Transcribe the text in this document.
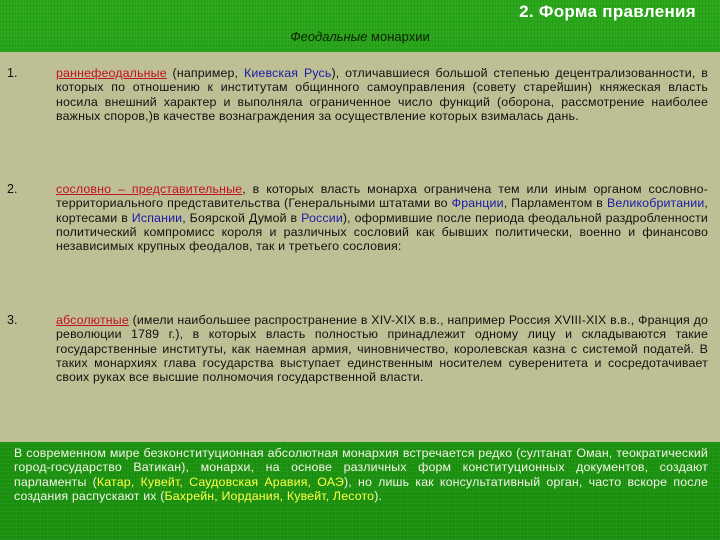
2. Форма правления
Феодальные монархии
1.	раннефеодальные (например, Киевская Русь), отличавшиеся большой степенью децентрализованности, в которых по отношению к институтам общинного самоуправления (совету старейшин) княжеская власть носила внешний характер и выполняла ограниченное число функций (оборона, рассмотрение наиболее важных споров,)в качестве вознаграждения за осуществление которых взималась дань.
2.	сословно – представительные, в которых власть монарха ограничена тем или иным органом сословно-территориального представительства (Генеральными штатами во Франции, Парламентом в Великобритании, кортесами в Испании, Боярской Думой в России), оформившие после периода феодальной раздробленности политический компромисс короля и различных сословий как бывших политически, военно и финансово независимых крупных феодалов, так и третьего сословия:
3.	абсолютные (имели наибольшее распространение в XIV-XIX в.в., например Россия XVIII-XIX в.в., Франция до революции 1789 г.), в которых власть полностью принадлежит одному лицу и складываются такие государственные институты, как наемная армия, чиновничество, королевская казна с системой податей. В таких монархиях глава государства выступает единственным носителем суверенитета и сосредотачивает своих руках все высшие полномочия государственной власти.
В современном мире безконституционная абсолютная монархия встречается редко (султанат Оман, теократический город-государство Ватикан), монархи, на основе различных форм конституционных документов, создают парламенты (Катар, Кувейт, Саудовская Аравия, ОАЭ), но лишь как консультативный орган, часто вскоре после создания распускают их (Бахрейн, Иордания, Кувейт, Лесото).
